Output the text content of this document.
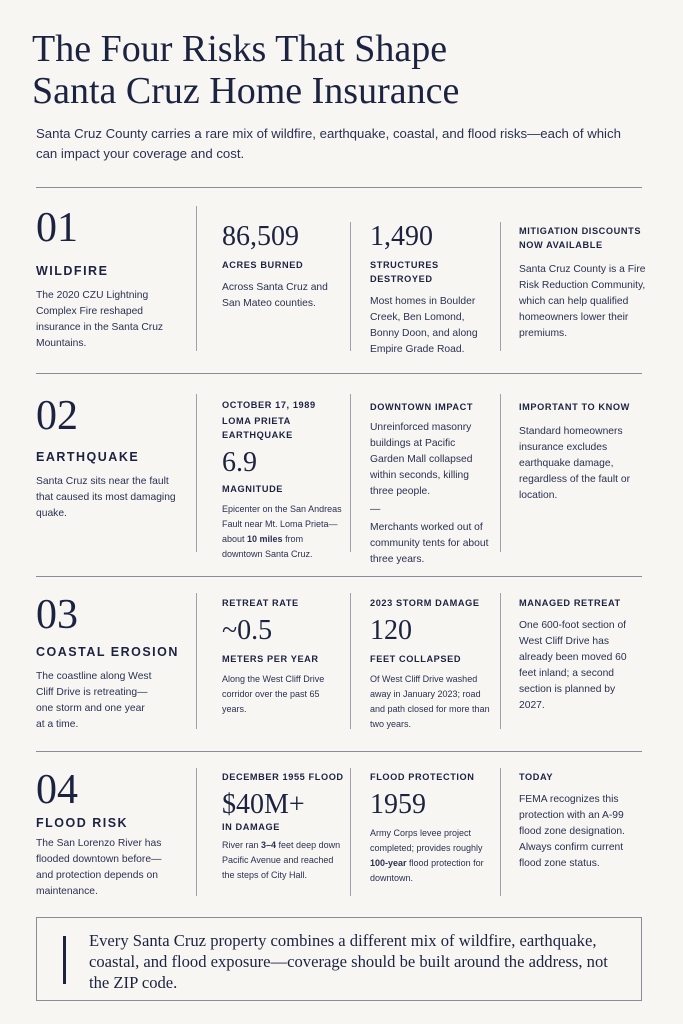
The Four Risks That Shape
Santa Cruz Home Insurance

Santa Cruz County carries a rare mix of wildfire, earthquake, coastal, and flood risks—each of which can impact your coverage and cost.

01
WILDFIRE
The 2020 CZU Lightning Complex Fire reshaped insurance in the Santa Cruz Mountains.
86,509
ACRES BURNED
Across Santa Cruz and San Mateo counties.
1,490
STRUCTURES DESTROYED
Most homes in Boulder Creek, Ben Lomond, Bonny Doon, and along Empire Grade Road.
MITIGATION DISCOUNTS NOW AVAILABLE
Santa Cruz County is a Fire Risk Reduction Community, which can help qualified homeowners lower their premiums.
02
EARTHQUAKE
Santa Cruz sits near the fault that caused its most damaging quake.
OCTOBER 17, 1989
LOMA PRIETA EARTHQUAKE
6.9
MAGNITUDE
Epicenter on the San Andreas Fault near Mt. Loma Prieta—about 10 miles from downtown Santa Cruz.
DOWNTOWN IMPACT
Unreinforced masonry buildings at Pacific Garden Mall collapsed within seconds, killing three people.
—
Merchants worked out of community tents for about three years.
IMPORTANT TO KNOW
Standard homeowners insurance excludes earthquake damage, regardless of the fault or location.
03
COASTAL EROSION
The coastline along West Cliff Drive is retreating—one storm and one year at a time.
RETREAT RATE
~0.5
METERS PER YEAR
Along the West Cliff Drive corridor over the past 65 years.
2023 STORM DAMAGE
120
FEET COLLAPSED
Of West Cliff Drive washed away in January 2023; road and path closed for more than two years.
MANAGED RETREAT
One 600-foot section of West Cliff Drive has already been moved 60 feet inland; a second section is planned by 2027.
04
FLOOD RISK
The San Lorenzo River has flooded downtown before—and protection depends on maintenance.
DECEMBER 1955 FLOOD
$40M+
IN DAMAGE
River ran 3–4 feet deep down Pacific Avenue and reached the steps of City Hall.
FLOOD PROTECTION
1959
Army Corps levee project completed; provides roughly 100-year flood protection for downtown.
TODAY
FEMA recognizes this protection with an A-99 flood zone designation. Always confirm current flood zone status.
Every Santa Cruz property combines a different mix of wildfire, earthquake, coastal, and flood exposure—coverage should be built around the address, not the ZIP code.
